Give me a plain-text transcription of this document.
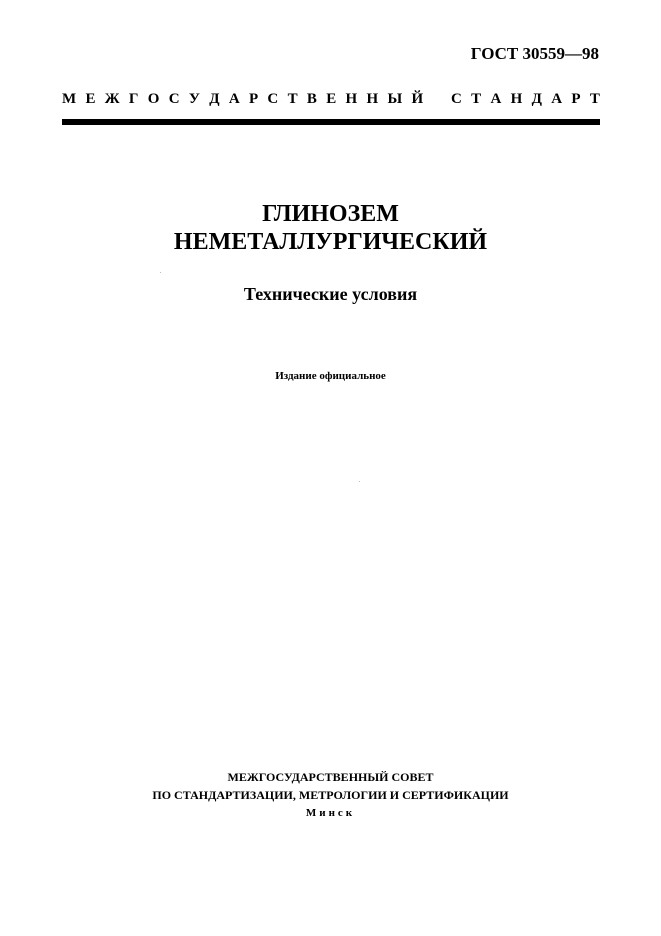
ГОСТ 30559—98
М Е Ж Г О С У Д А Р С Т В Е Н Н Ы Й С Т А Н Д А Р Т
ГЛИНОЗЕМ
НЕМЕТАЛЛУРГИЧЕСКИЙ
Технические условия
Издание официальное
МЕЖГОСУДАРСТВЕННЫЙ СОВЕТ
ПО СТАНДАРТИЗАЦИИ, МЕТРОЛОГИИ И СЕРТИФИКАЦИИ
Минск
